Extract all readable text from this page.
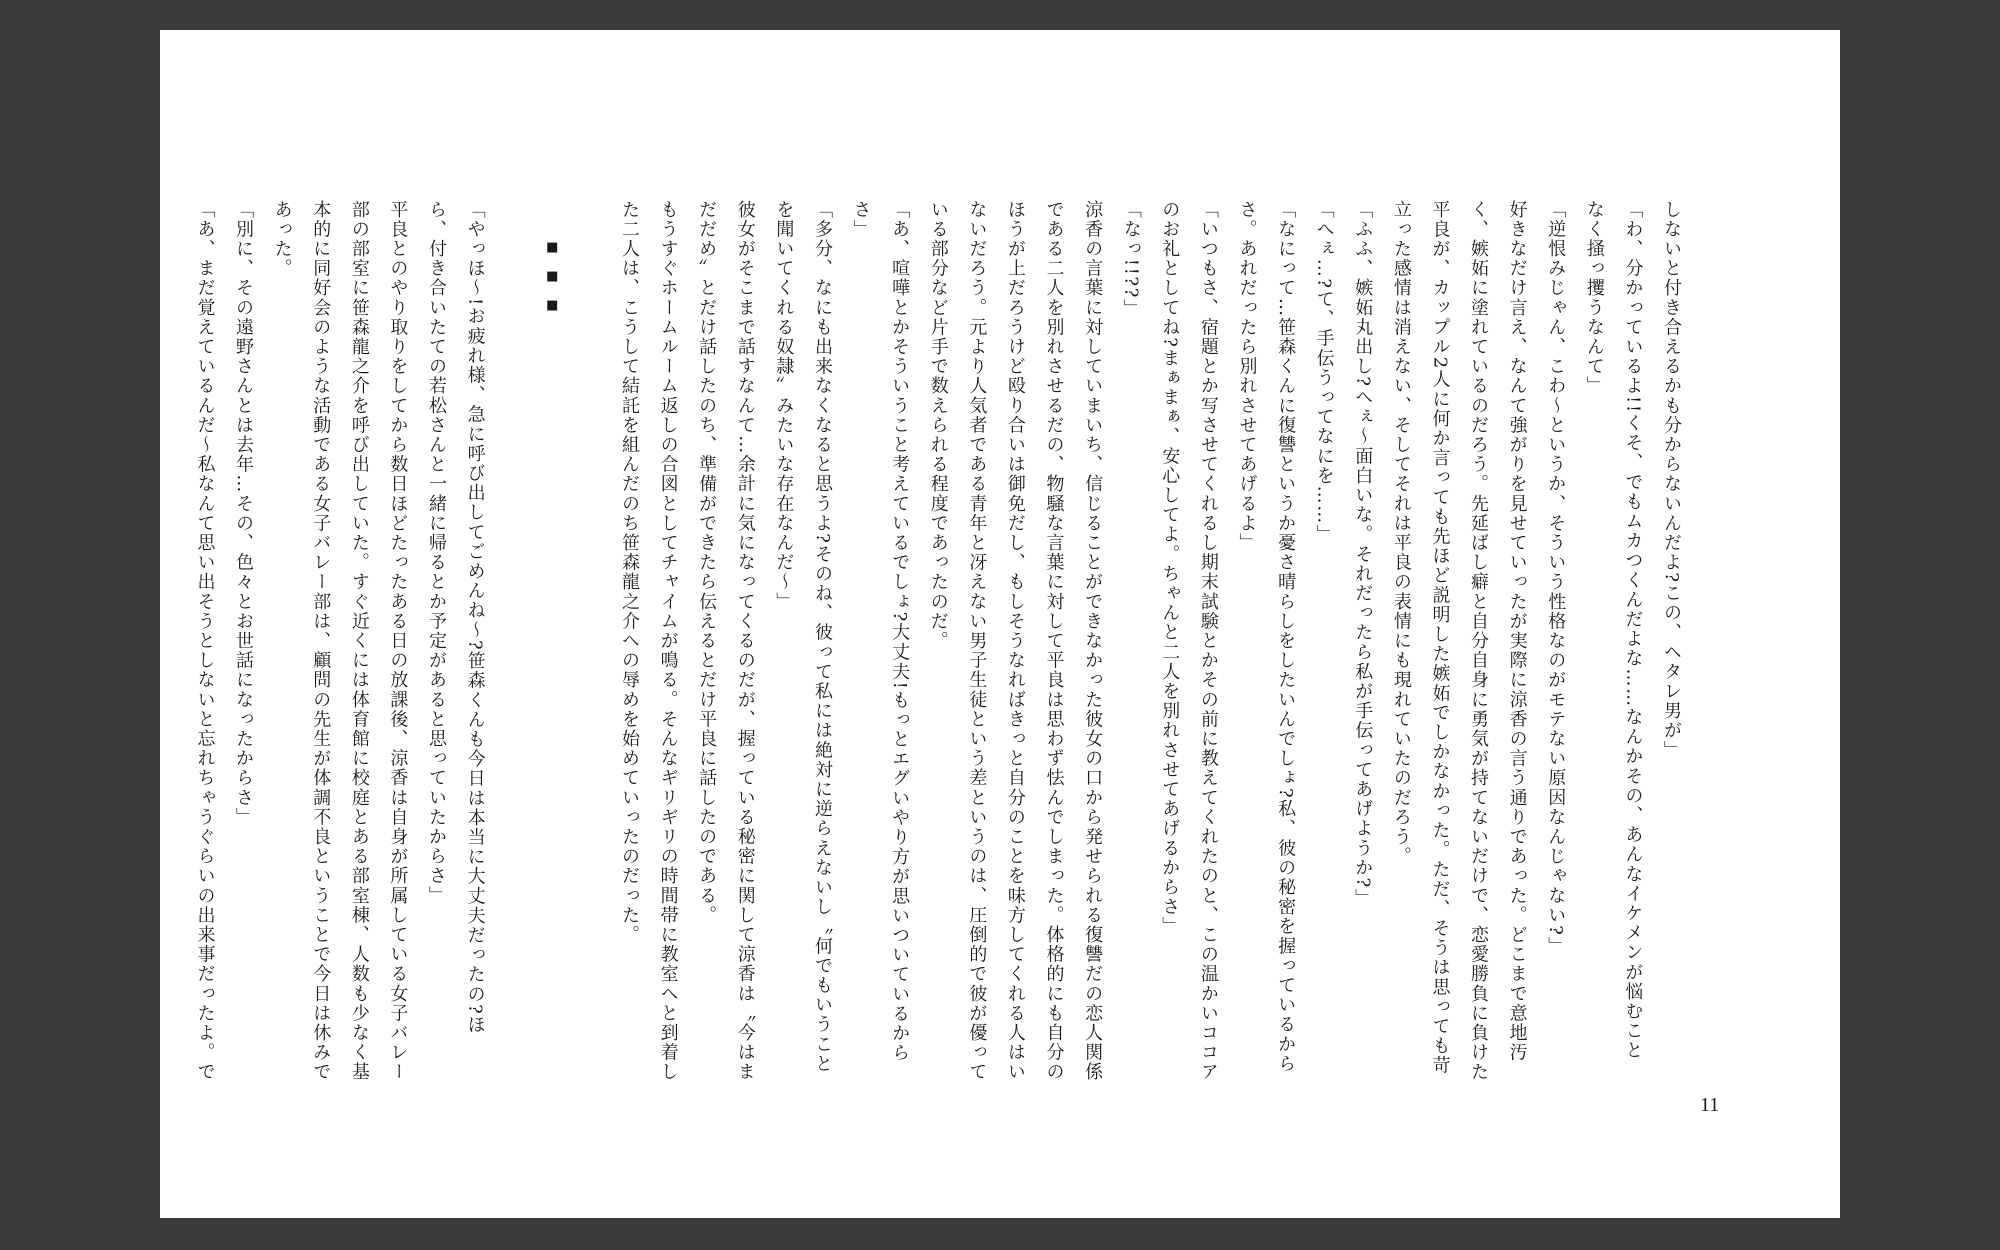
しないと付き合えるかも分からないんだよ?この、ヘタレ男が」

「わ、分かっているよ!!くそ、でもムカつくんだよな……なんかその、あんなイケメンが悩むこと

なく掻っ攫うなんて」

「逆恨みじゃん、こわ〜というか、そういう性格なのがモテない原因なんじゃない?」

好きなだけ言え、なんて強がりを見せていったが実際に涼香の言う通りであった。どこまで意地汚

く、嫉妬に塗れているのだろう。先延ばし癖と自分自身に勇気が持てないだけで、恋愛勝負に負けた

平良が、カップル2人に何か言っても先ほど説明した嫉妬でしかなかった。ただ、そうは思っても苛

立った感情は消えない、そしてそれは平良の表情にも現れていたのだろう。

「ふふ、嫉妬丸出し?へぇ〜面白いな。それだったら私が手伝ってあげようか?」

「へぇ…?て、手伝うってなにを……」

「なにって…笹森くんに復讐というか憂さ晴らしをしたいんでしょ?私、彼の秘密を握っているから

さ。あれだったら別れさせてあげるよ」

「いつもさ、宿題とか写させてくれるし期末試験とかその前に教えてくれたのと、この温かいココア

のお礼としてね?まぁまぁ、安心してよ。ちゃんと二人を別れさせてあげるからさ」

「なっ!!??」

涼香の言葉に対していまいち、信じることができなかった彼女の口から発せられる復讐だの恋人関係

である二人を別れさせるだの、物騒な言葉に対して平良は思わず怯んでしまった。体格的にも自分の

ほうが上だろうけど殴り合いは御免だし、もしそうなればきっと自分のことを味方してくれる人はい

ないだろう。元より人気者である青年と冴えない男子生徒という差というのは、圧倒的で彼が優って

いる部分など片手で数えられる程度であったのだ。

「あ、喧嘩とかそういうこと考えているでしょ?大丈夫!もっとエグいやり方が思いついているから

さ」

「多分、なにも出来なくなると思うよ?そのね、彼って私には絶対に逆らえないし〝何でもいうこと

を聞いてくれる奴隷〟みたいな存在なんだ〜」

彼女がそこまで話すなんて…余計に気になってくるのだが、握っている秘密に関して涼香は〝今はま

だだめ〟とだけ話したのち、準備ができたら伝えるとだけ平良に話したのである。

もうすぐホームルーム返しの合図としてチャイムが鳴る。そんなギリギリの時間帯に教室へと到着し

た二人は、こうして結託を組んだのち笹森龍之介への辱めを始めていったのだった。

■■■

「やっほ〜!お疲れ様、急に呼び出してごめんね〜?笹森くんも今日は本当に大丈夫だったの?ほ

ら、付き合いたての若松さんと一緒に帰るとか予定があると思っていたからさ」

平良とのやり取りをしてから数日ほどたったある日の放課後、涼香は自身が所属している女子バレー

部の部室に笹森龍之介を呼び出していた。すぐ近くには体育館に校庭とある部室棟、人数も少なく基

本的に同好会のような活動である女子バレー部は、顧問の先生が体調不良ということで今日は休みで

あった。

「別に、その遠野さんとは去年…その、色々とお世話になったからさ」

「あ、まだ覚えているんだ〜私なんて思い出そうとしないと忘れちゃうぐらいの出来事だったよ。で

11
